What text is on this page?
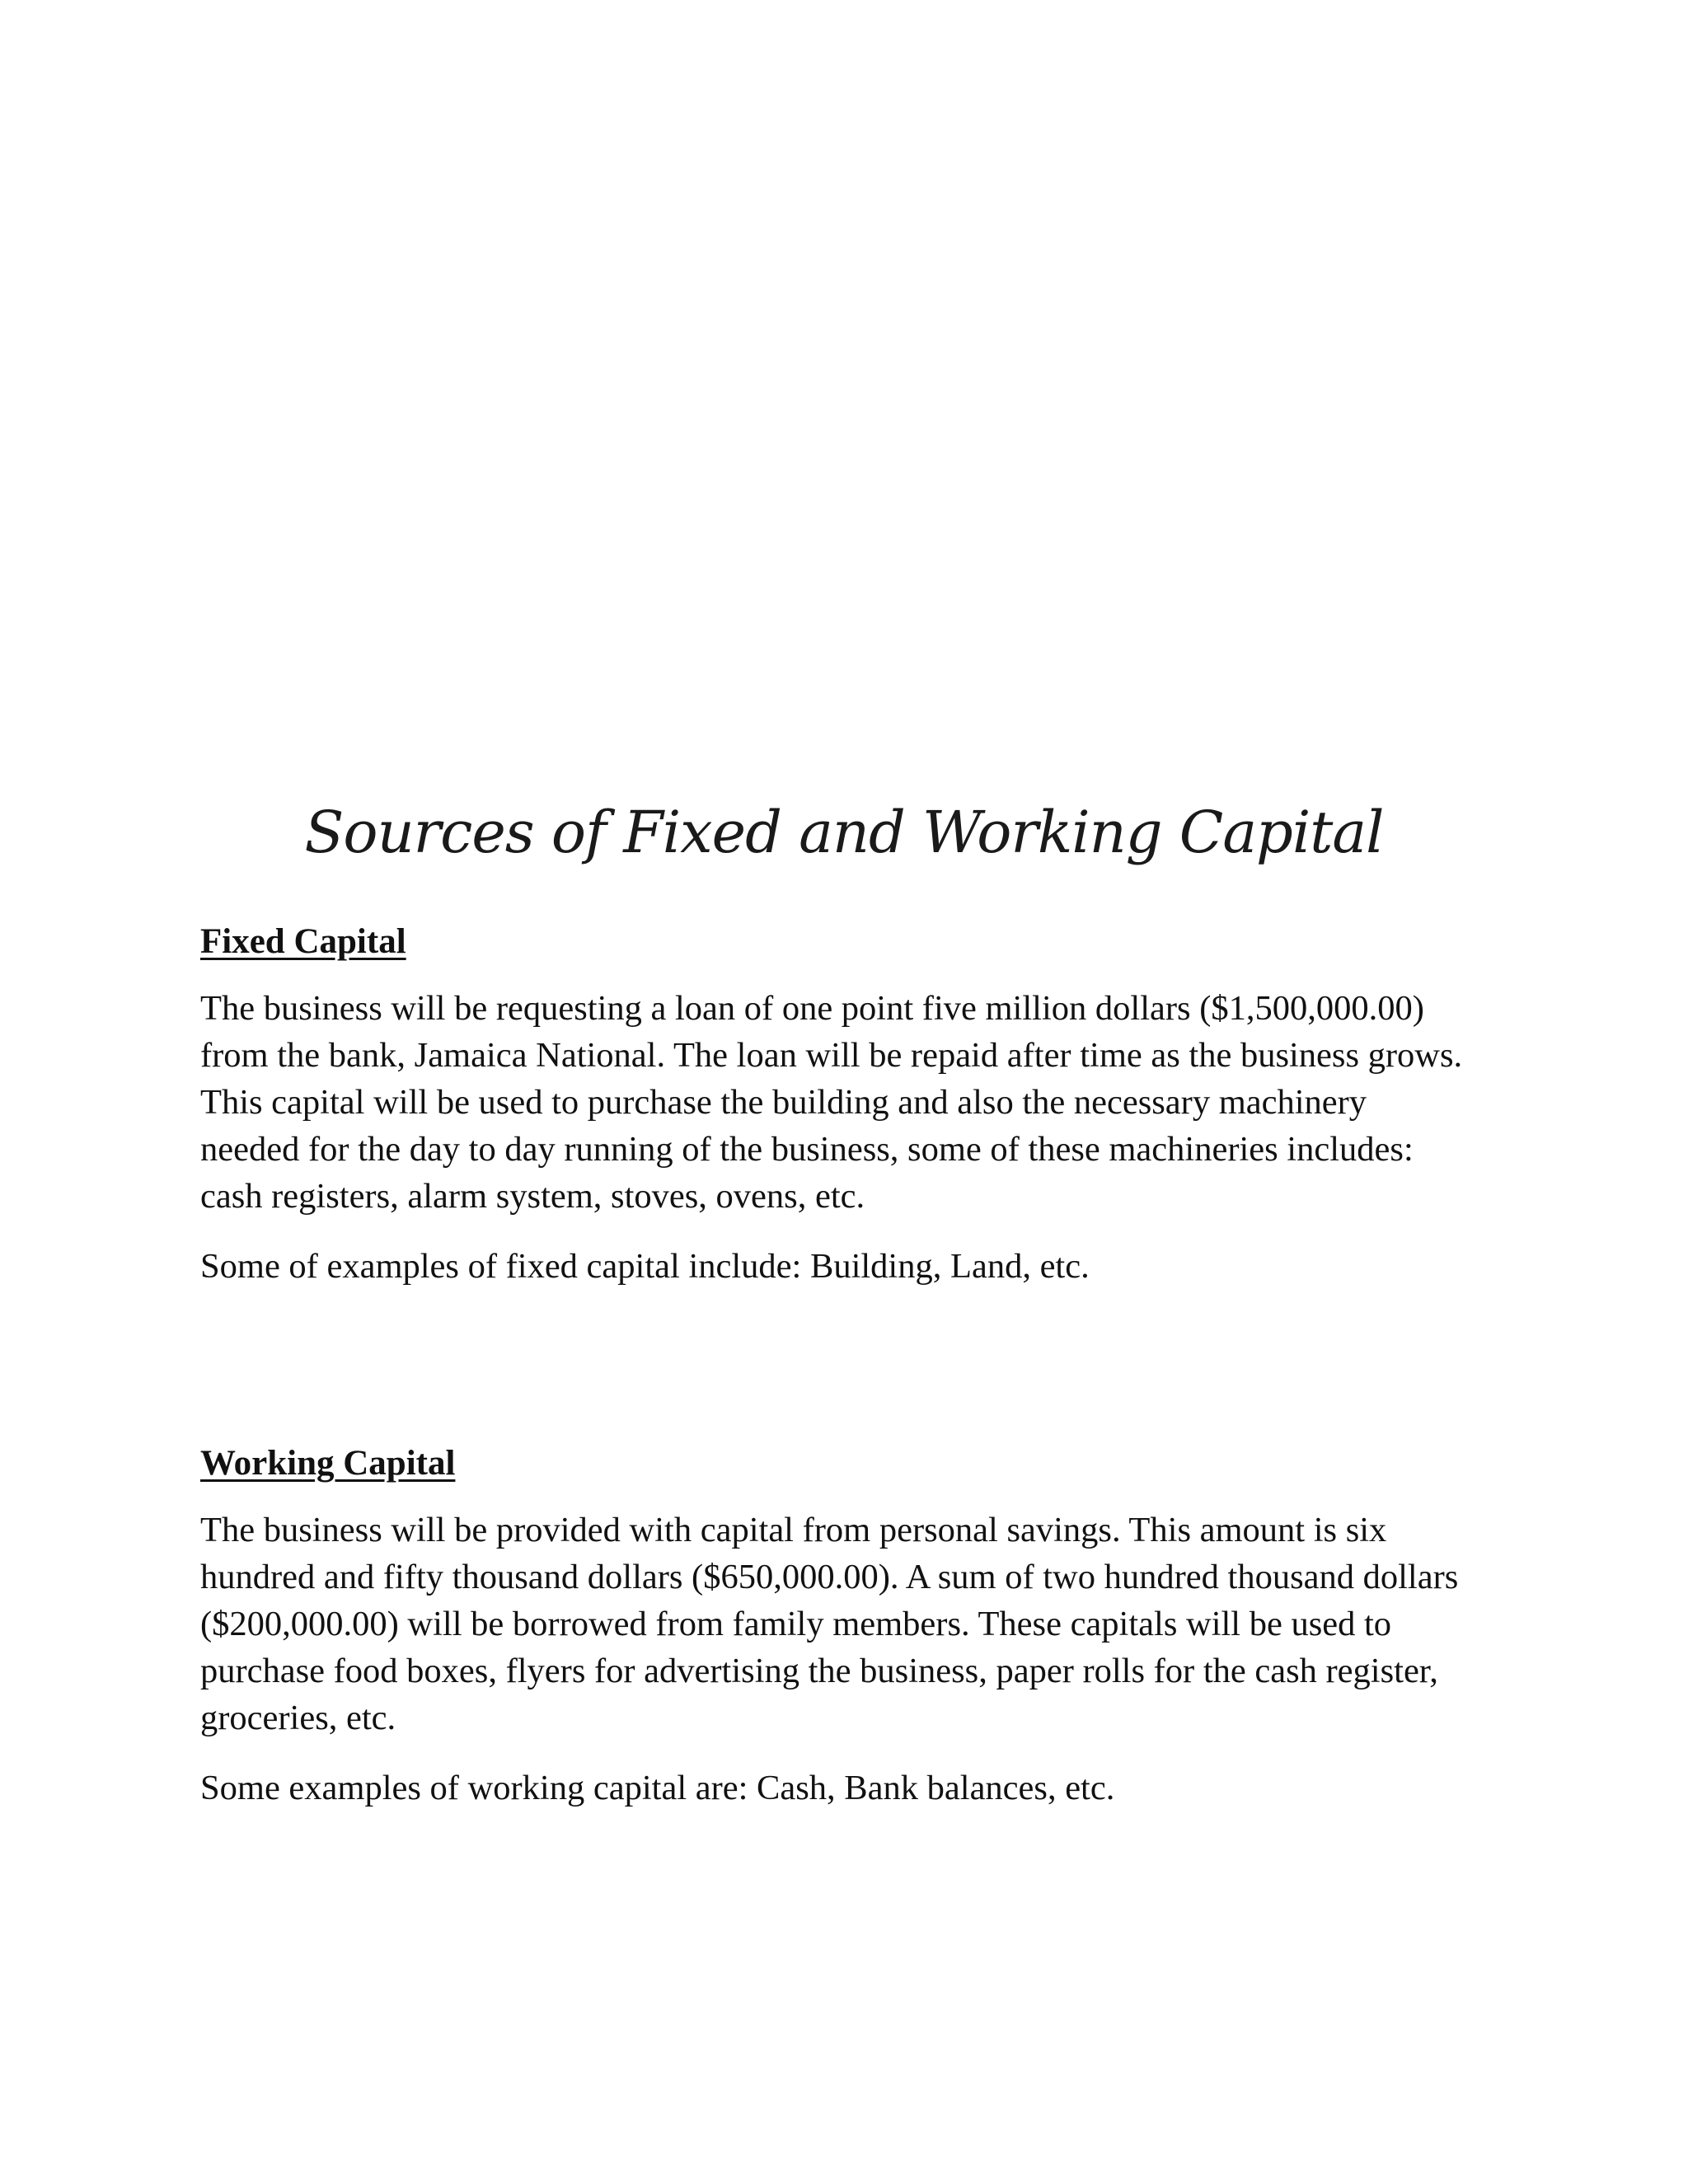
Sources of Fixed and Working Capital
Fixed Capital

The business will be requesting a loan of one point five million dollars ($1,500,000.00) from the bank, Jamaica National. The loan will be repaid after time as the business grows. This capital will be used to purchase the building and also the necessary machinery needed for the day to day running of the business, some of these machineries includes: cash registers, alarm system, stoves, ovens, etc.

Some of examples of fixed capital include: Building, Land, etc.

Working Capital

The business will be provided with capital from personal savings. This amount is six hundred and fifty thousand dollars ($650,000.00). A sum of two hundred thousand dollars ($200,000.00) will be borrowed from family members. These capitals will be used to purchase food boxes, flyers for advertising the business, paper rolls for the cash register, groceries, etc.

Some examples of working capital are: Cash, Bank balances, etc.
